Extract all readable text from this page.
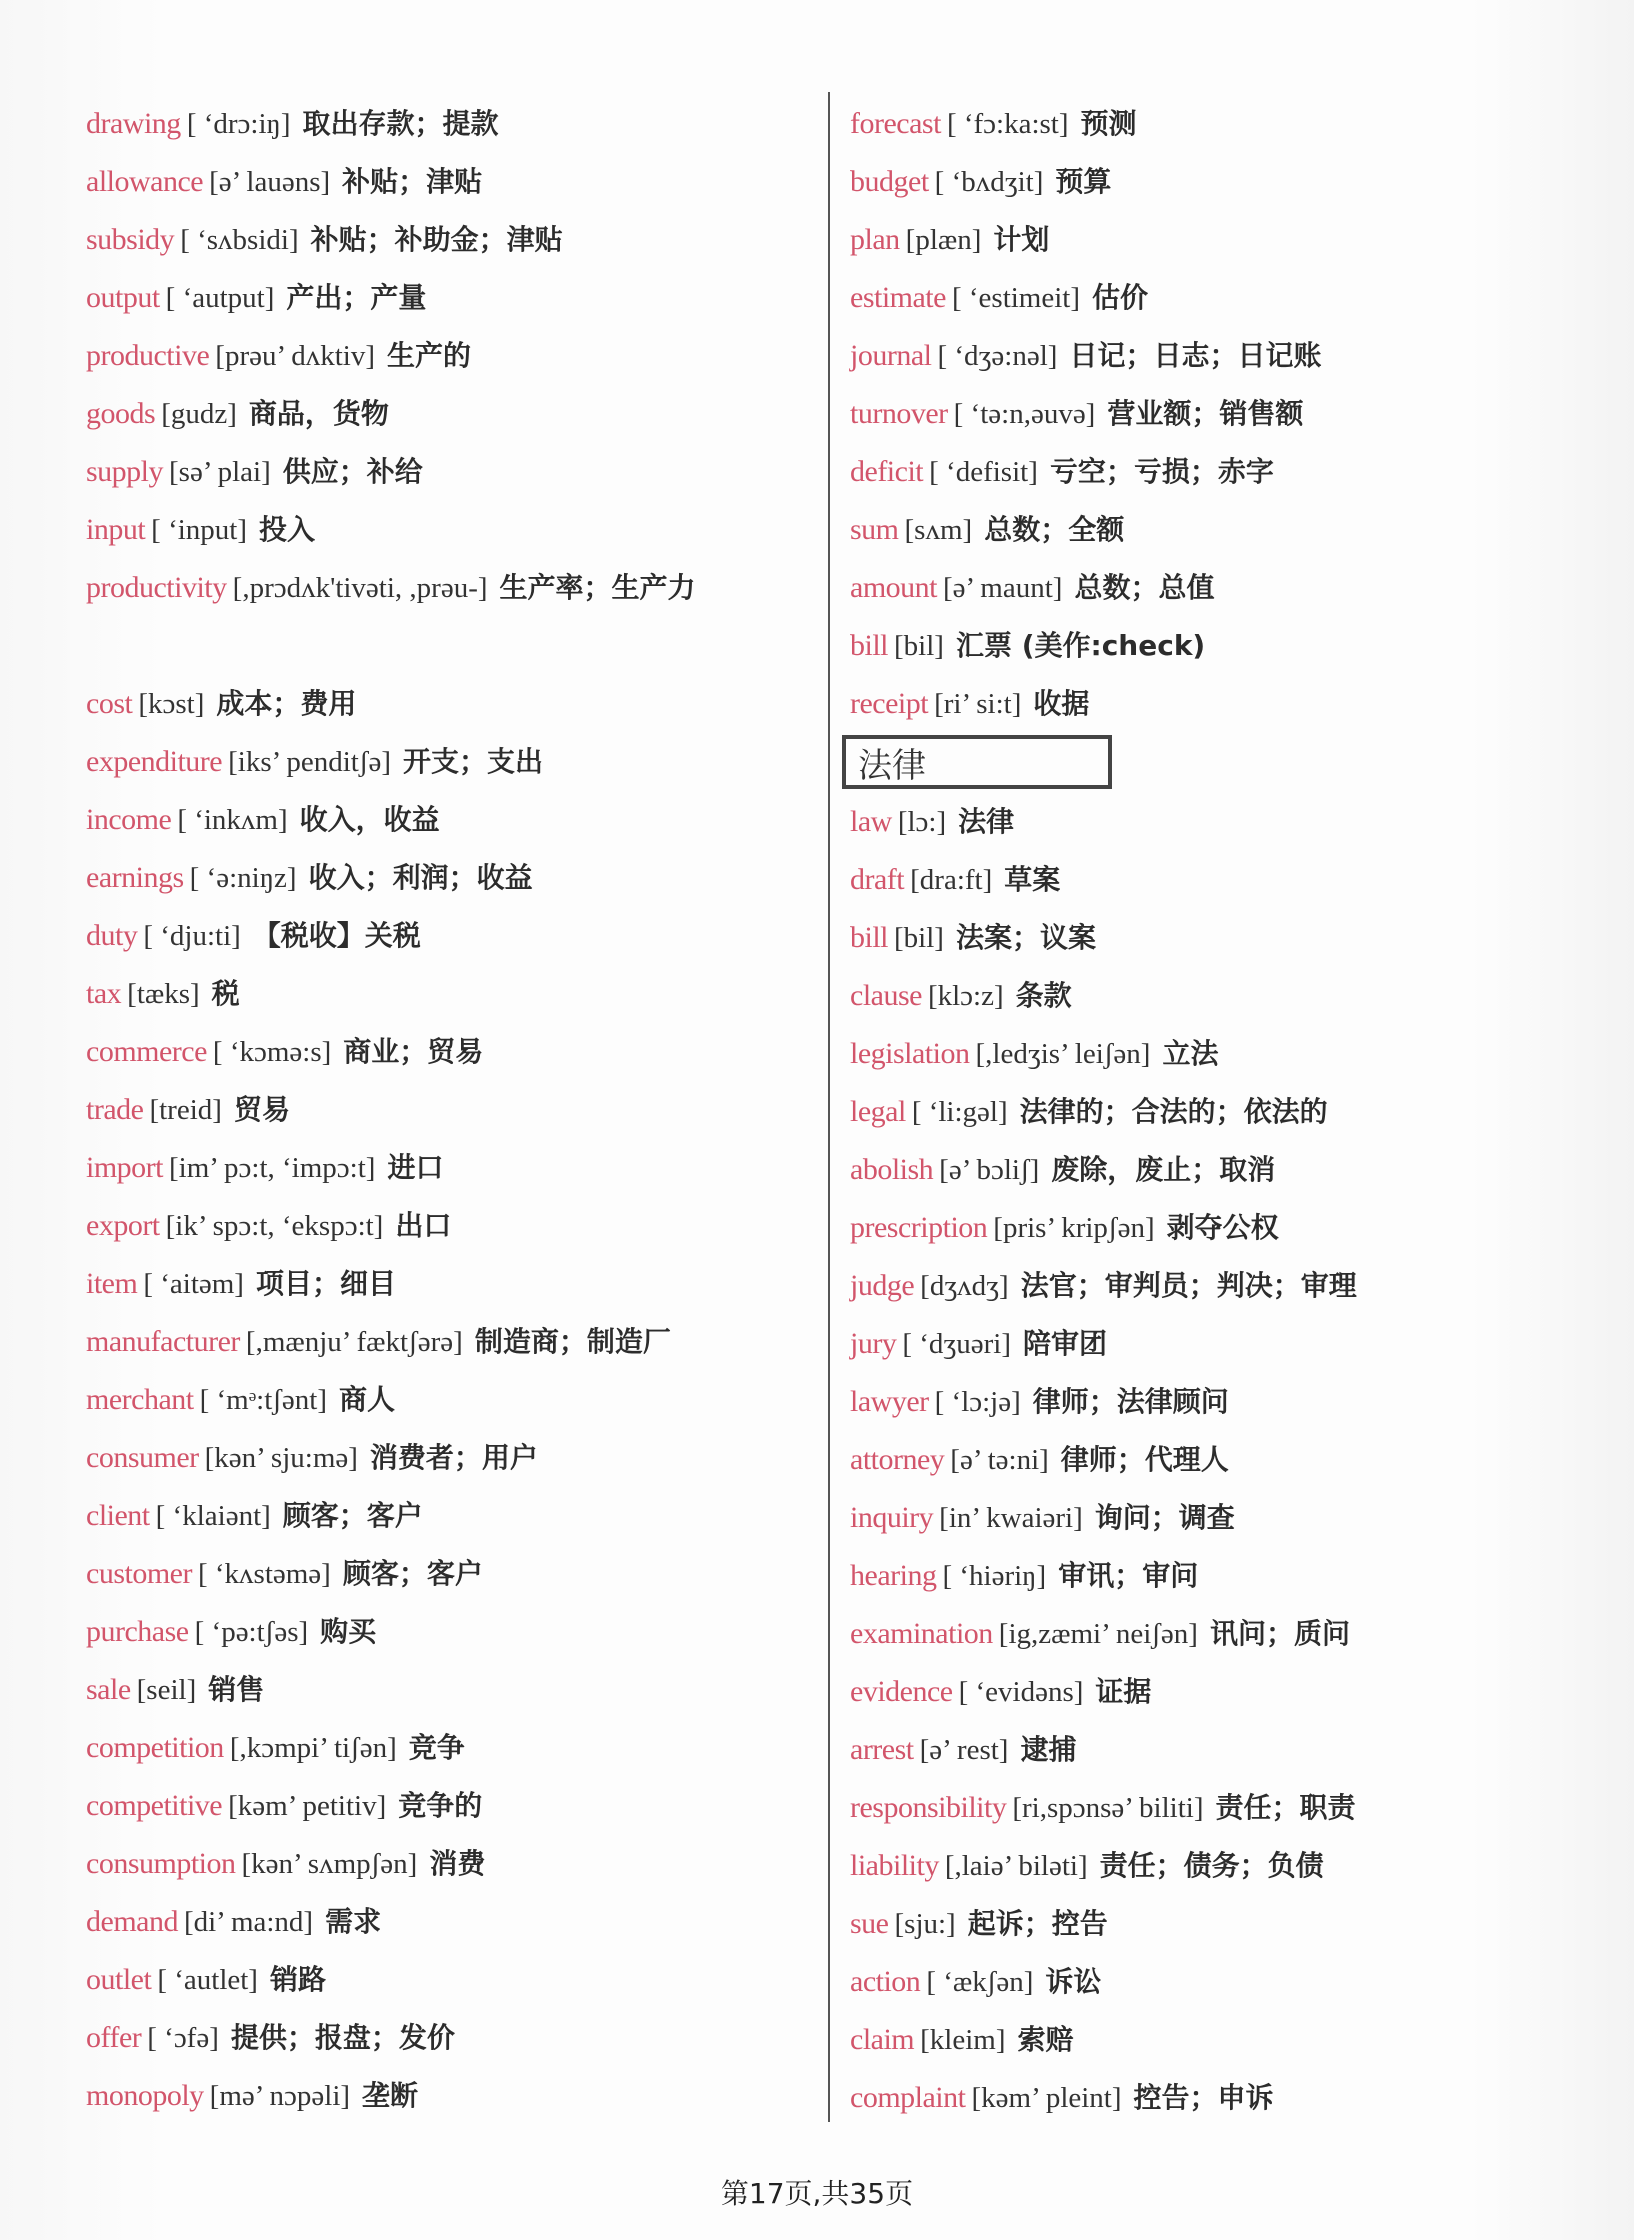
drawing [ ‘drɔ:iŋ] 取出存款；提款
allowance [ə’ lauəns] 补贴；津贴
subsidy [ ‘sʌbsidi] 补贴；补助金；津贴
output [ ‘autput] 产出；产量
productive [prəu’ dʌktiv] 生产的
goods [gudz] 商品，货物
supply [sə’ plai] 供应；补给
input [ ‘input] 投入
productivity [,prɔdʌk'tivəti, ,prəu-] 生产率；生产力
cost [kɔst] 成本；费用
expenditure [iks’ penditʃə] 开支；支出
income [ ‘inkʌm] 收入，收益
earnings [ ‘ə:niŋz] 收入；利润；收益
duty [ ‘dju:ti] 【税收】关税
tax [tæks] 税
commerce [ ‘kɔmə:s] 商业；贸易
trade [treid] 贸易
import [im’ pɔ:t, ‘impɔ:t] 进口
export [ik’ spɔ:t, ‘ekspɔ:t] 出口
item [ ‘aitəm] 项目；细目
manufacturer [,mænju’ fæktʃərə] 制造商；制造厂
merchant [ ‘mᵊ:tʃənt] 商人
consumer [kən’ sju:mə] 消费者；用户
client [ ‘klaiənt] 顾客；客户
customer [ ‘kʌstəmə] 顾客；客户
purchase [ ‘pə:tʃəs] 购买
sale [seil] 销售
competition [,kɔmpi’ tiʃən] 竞争
competitive [kəm’ petitiv] 竞争的
consumption [kən’ sʌmpʃən] 消费
demand [di’ ma:nd] 需求
outlet [ ‘autlet] 销路
offer [ ‘ɔfə] 提供；报盘；发价
monopoly [mə’ nɔpəli] 垄断
forecast [ ‘fɔ:ka:st] 预测
budget [ ‘bʌdʒit] 预算
plan [plæn] 计划
estimate [ ‘estimeit] 估价
journal [ ‘dʒə:nəl] 日记；日志；日记账
turnover [ ‘tə:n,əuvə] 营业额；销售额
deficit [ ‘defisit] 亏空；亏损；赤字
sum [sʌm] 总数；全额
amount [ə’ maunt] 总数；总值
bill [bil] 汇票 (美作:check)
receipt [ri’ si:t] 收据
法律
law [lɔ:] 法律
draft [dra:ft] 草案
bill [bil] 法案；议案
clause [klɔ:z] 条款
legislation [,ledʒis’ leiʃən] 立法
legal [ ‘li:gəl] 法律的；合法的；依法的
abolish [ə’ bɔliʃ] 废除，废止；取消
prescription [pris’ kripʃən] 剥夺公权
judge [dʒʌdʒ] 法官；审判员；判决；审理
jury [ ‘dʒuəri] 陪审团
lawyer [ ‘lɔ:jə] 律师；法律顾问
attorney [ə’ tə:ni] 律师；代理人
inquiry [in’ kwaiəri] 询问；调查
hearing [ ‘hiəriŋ] 审讯；审问
examination [ig,zæmi’ neiʃən] 讯问；质问
evidence [ ‘evidəns] 证据
arrest [ə’ rest] 逮捕
responsibility [ri,spɔnsə’ biliti] 责任；职责
liability [,laiə’ biləti] 责任；债务；负债
sue [sju:] 起诉；控告
action [ ‘ækʃən] 诉讼
claim [kleim] 索赔
complaint [kəm’ pleint] 控告；申诉
第17页,共35页
